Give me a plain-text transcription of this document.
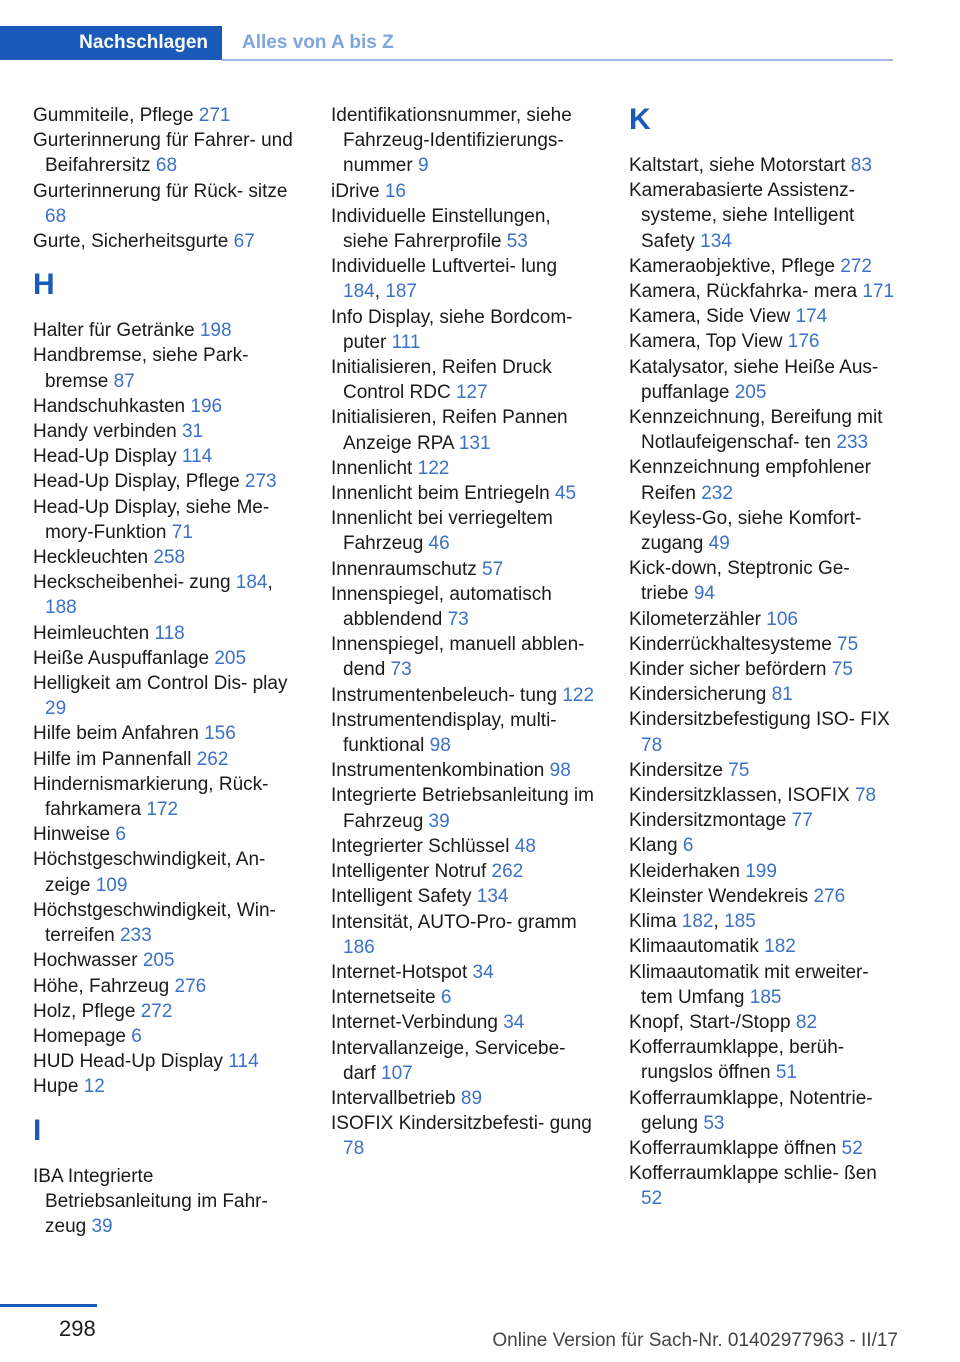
Nachschlagen	Alles von A bis Z
Gummiteile, Pflege 271
Gurterinnerung für Fahrer- und Beifahrersitz 68
Gurterinnerung für Rück- sitze 68
Gurte, Sicherheitsgurte 67
H
Halter für Getränke 198
Handbremse, siehe Park- bremse 87
Handschuhkasten 196
Handy verbinden 31
Head-Up Display 114
Head-Up Display, Pflege 273
Head-Up Display, siehe Me- mory-Funktion 71
Heckleuchten 258
Heckscheibenhei- zung 184, 188
Heimleuchten 118
Heiße Auspuffanlage 205
Helligkeit am Control Dis- play 29
Hilfe beim Anfahren 156
Hilfe im Pannenfall 262
Hindernismarkierung, Rück- fahrkamera 172
Hinweise 6
Höchstgeschwindigkeit, An- zeige 109
Höchstgeschwindigkeit, Win- terreifen 233
Hochwasser 205
Höhe, Fahrzeug 276
Holz, Pflege 272
Homepage 6
HUD Head-Up Display 114
Hupe 12
I
IBA Integrierte Betriebsanleitung im Fahr- zeug 39
Identifikationsnummer, siehe Fahrzeug-Identifizierungs- nummer 9
iDrive 16
Individuelle Einstellungen, siehe Fahrerprofile 53
Individuelle Luftvertei- lung 184, 187
Info Display, siehe Bordcom- puter 111
Initialisieren, Reifen Druck Control RDC 127
Initialisieren, Reifen Pannen Anzeige RPA 131
Innenlicht 122
Innenlicht beim Entriegeln 45
Innenlicht bei verriegeltem Fahrzeug 46
Innenraumschutz 57
Innenspiegel, automatisch abblendend 73
Innenspiegel, manuell abblen- dend 73
Instrumentenbeleuch- tung 122
Instrumentendisplay, multi- funktional 98
Instrumentenkombination 98
Integrierte Betriebsanleitung im Fahrzeug 39
Integrierter Schlüssel 48
Intelligenter Notruf 262
Intelligent Safety 134
Intensität, AUTO-Pro- gramm 186
Internet-Hotspot 34
Internetseite 6
Internet-Verbindung 34
Intervallanzeige, Servicebe- darf 107
Intervallbetrieb 89
ISOFIX Kindersitzbefesti- gung 78
K
Kaltstart, siehe Motorstart 83
Kamerabasierte Assistenz- systeme, siehe Intelligent Safety 134
Kameraobjektive, Pflege 272
Kamera, Rückfahrka- mera 171
Kamera, Side View 174
Kamera, Top View 176
Katalysator, siehe Heiße Aus- puffanlage 205
Kennzeichnung, Bereifung mit Notlaufeigenschaf- ten 233
Kennzeichnung empfohlener Reifen 232
Keyless-Go, siehe Komfort- zugang 49
Kick-down, Steptronic Ge- triebe 94
Kilometerzähler 106
Kinderrückhaltesysteme 75
Kinder sicher befördern 75
Kindersicherung 81
Kindersitzbefestigung ISO- FIX 78
Kindersitze 75
Kindersitzklassen, ISOFIX 78
Kindersitzmontage 77
Klang 6
Kleiderhaken 199
Kleinster Wendekreis 276
Klima 182, 185
Klimaautomatik 182
Klimaautomatik mit erweiter- tem Umfang 185
Knopf, Start-/Stopp 82
Kofferraumklappe, berüh- rungslos öffnen 51
Kofferraumklappe, Notentrie- gelung 53
Kofferraumklappe öffnen 52
Kofferraumklappe schlie- ßen 52
298	Online Version für Sach-Nr. 01402977963 - II/17
